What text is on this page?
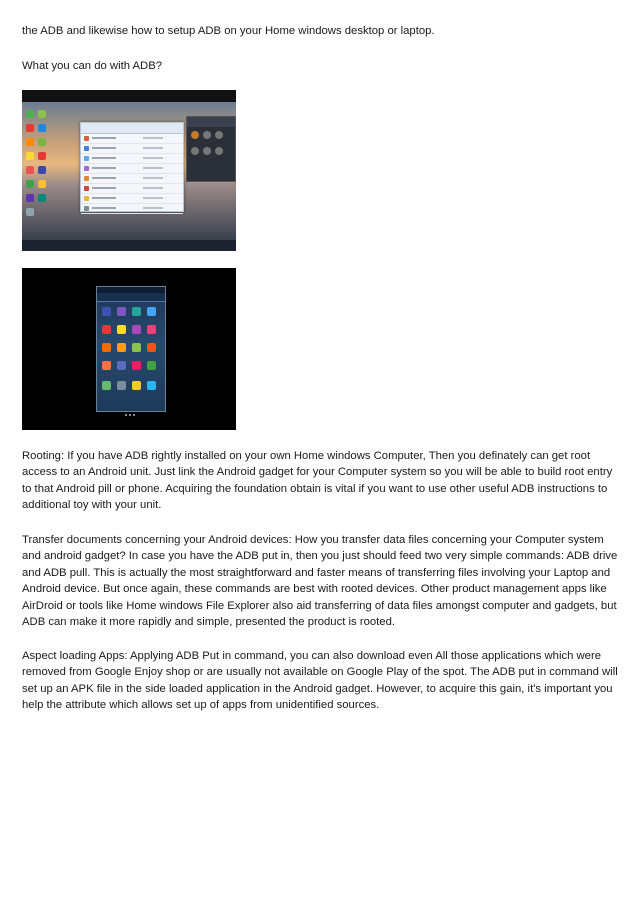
the ADB and likewise how to setup ADB on your Home windows desktop or laptop.

What you can do with ADB?

Rooting: If you have ADB rightly installed on your own Home windows Computer, Then you definately can get root access to an Android unit. Just link the Android gadget for your Computer system so you will be able to build root entry to that Android pill or phone. Acquiring the foundation obtain is vital if you want to use other useful ADB instructions to additional toy with your unit.

Transfer documents concerning your Android devices: How you transfer data files concerning your Computer system and android gadget? In case you have the ADB put in, then you just should feed two very simple commands: ADB drive and ADB pull. This is actually the most straightforward and faster means of transferring files involving your Laptop and Android device. But once again, these commands are best with rooted devices. Other product management apps like AirDroid or tools like Home windows File Explorer also aid transferring of data files amongst computer and gadgets, but ADB can make it more rapidly and simple, presented the product is rooted.

Aspect loading Apps: Applying ADB Put in command, you can also download even All those applications which were removed from Google Enjoy shop or are usually not available on Google Play of the spot. The ADB put in command will set up an APK file in the side loaded application in the Android gadget. However, to acquire this gain, it's important you help the attribute which allows set up of apps from unidentified sources.
